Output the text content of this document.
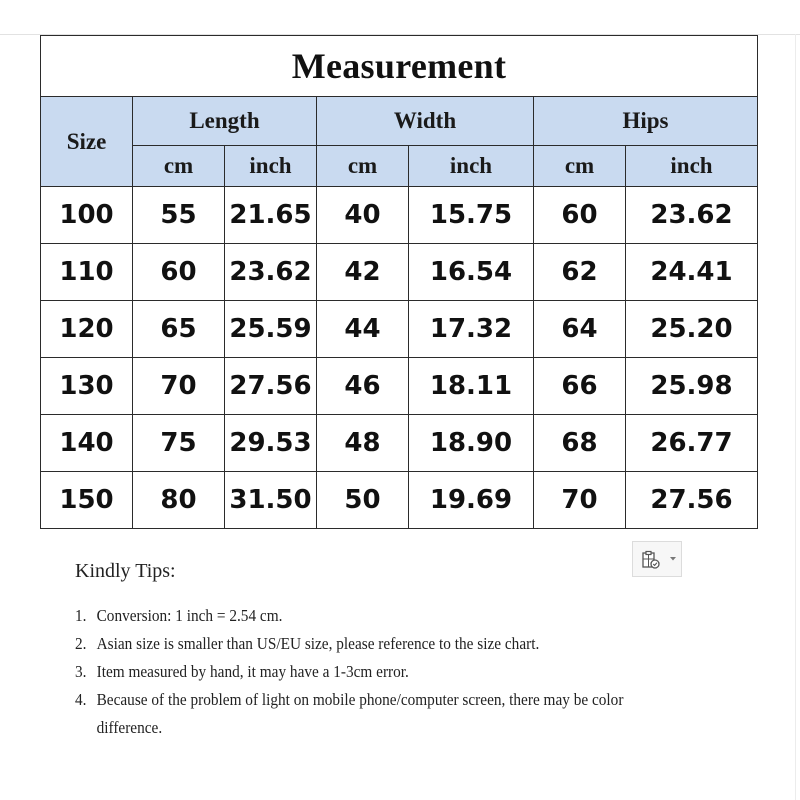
Measurement						
Size	Length		Width		Hips	
	cm	inch	cm	inch	cm	inch
100	55	21.65	40	15.75	60	23.62
110	60	23.62	42	16.54	62	24.41
120	65	25.59	44	17.32	64	25.20
130	70	27.56	46	18.11	66	25.98
140	75	29.53	48	18.90	68	26.77
150	80	31.50	50	19.69	70	27.56
Kindly Tips:
1. Conversion: 1 inch = 2.54 cm.
2. Asian size is smaller than US/EU size, please reference to the size chart.
3. Item measured by hand, it may have a 1-3cm error.
4. Because of the problem of light on mobile phone/computer screen, there may be color difference.
